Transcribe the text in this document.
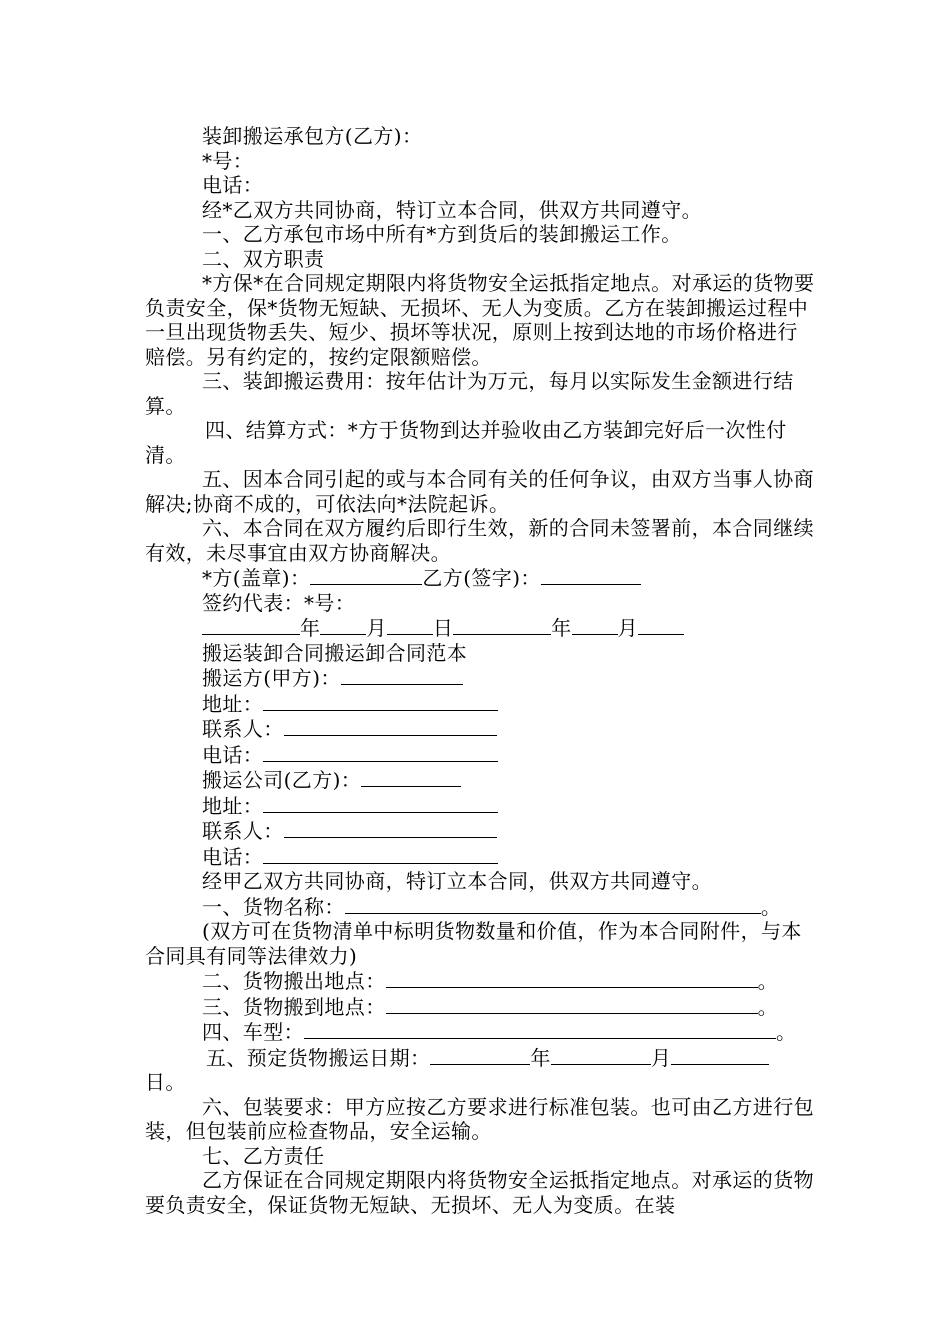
装卸搬运承包方(乙方)：
*号：
电话：
经*乙双方共同协商，特订立本合同，供双方共同遵守。
一、乙方承包市场中所有*方到货后的装卸搬运工作。
二、双方职责
*方保*在合同规定期限内将货物安全运抵指定地点。对承运的货物要负责安全，保*货物无短缺、无损坏、无人为变质。乙方在装卸搬运过程中一旦出现货物丢失、短少、损坏等状况，原则上按到达地的市场价格进行赔偿。另有约定的，按约定限额赔偿。
三、装卸搬运费用：按年估计为万元，每月以实际发生金额进行结算。
四、结算方式：*方于货物到达并验收由乙方装卸完好后一次性付清。
五、因本合同引起的或与本合同有关的任何争议，由双方当事人协商解决;协商不成的，可依法向*法院起诉。
六、本合同在双方履约后即行生效，新的合同未签署前，本合同继续有效，未尽事宜由双方协商解决。
*方(盖章)：	乙方(签字)：
签约代表：*号：
年 月 日	年 月
搬运装卸合同搬运卸合同范本
搬运方(甲方)：
地址：
联系人：
电话：
搬运公司(乙方)：
地址：
联系人：
电话：
经甲乙双方共同协商，特订立本合同，供双方共同遵守。
一、货物名称：	。
(双方可在货物清单中标明货物数量和价值，作为本合同附件，与本合同具有同等法律效力)
二、货物搬出地点：	。
三、货物搬到地点：	。
四、车型：	。
五、预定货物搬运日期：	年	月
日。
六、包装要求：甲方应按乙方要求进行标准包装。也可由乙方进行包装，但包装前应检查物品，安全运输。
七、乙方责任
乙方保证在合同规定期限内将货物安全运抵指定地点。对承运的货物要负责安全，保证货物无短缺、无损坏、无人为变质。在装
